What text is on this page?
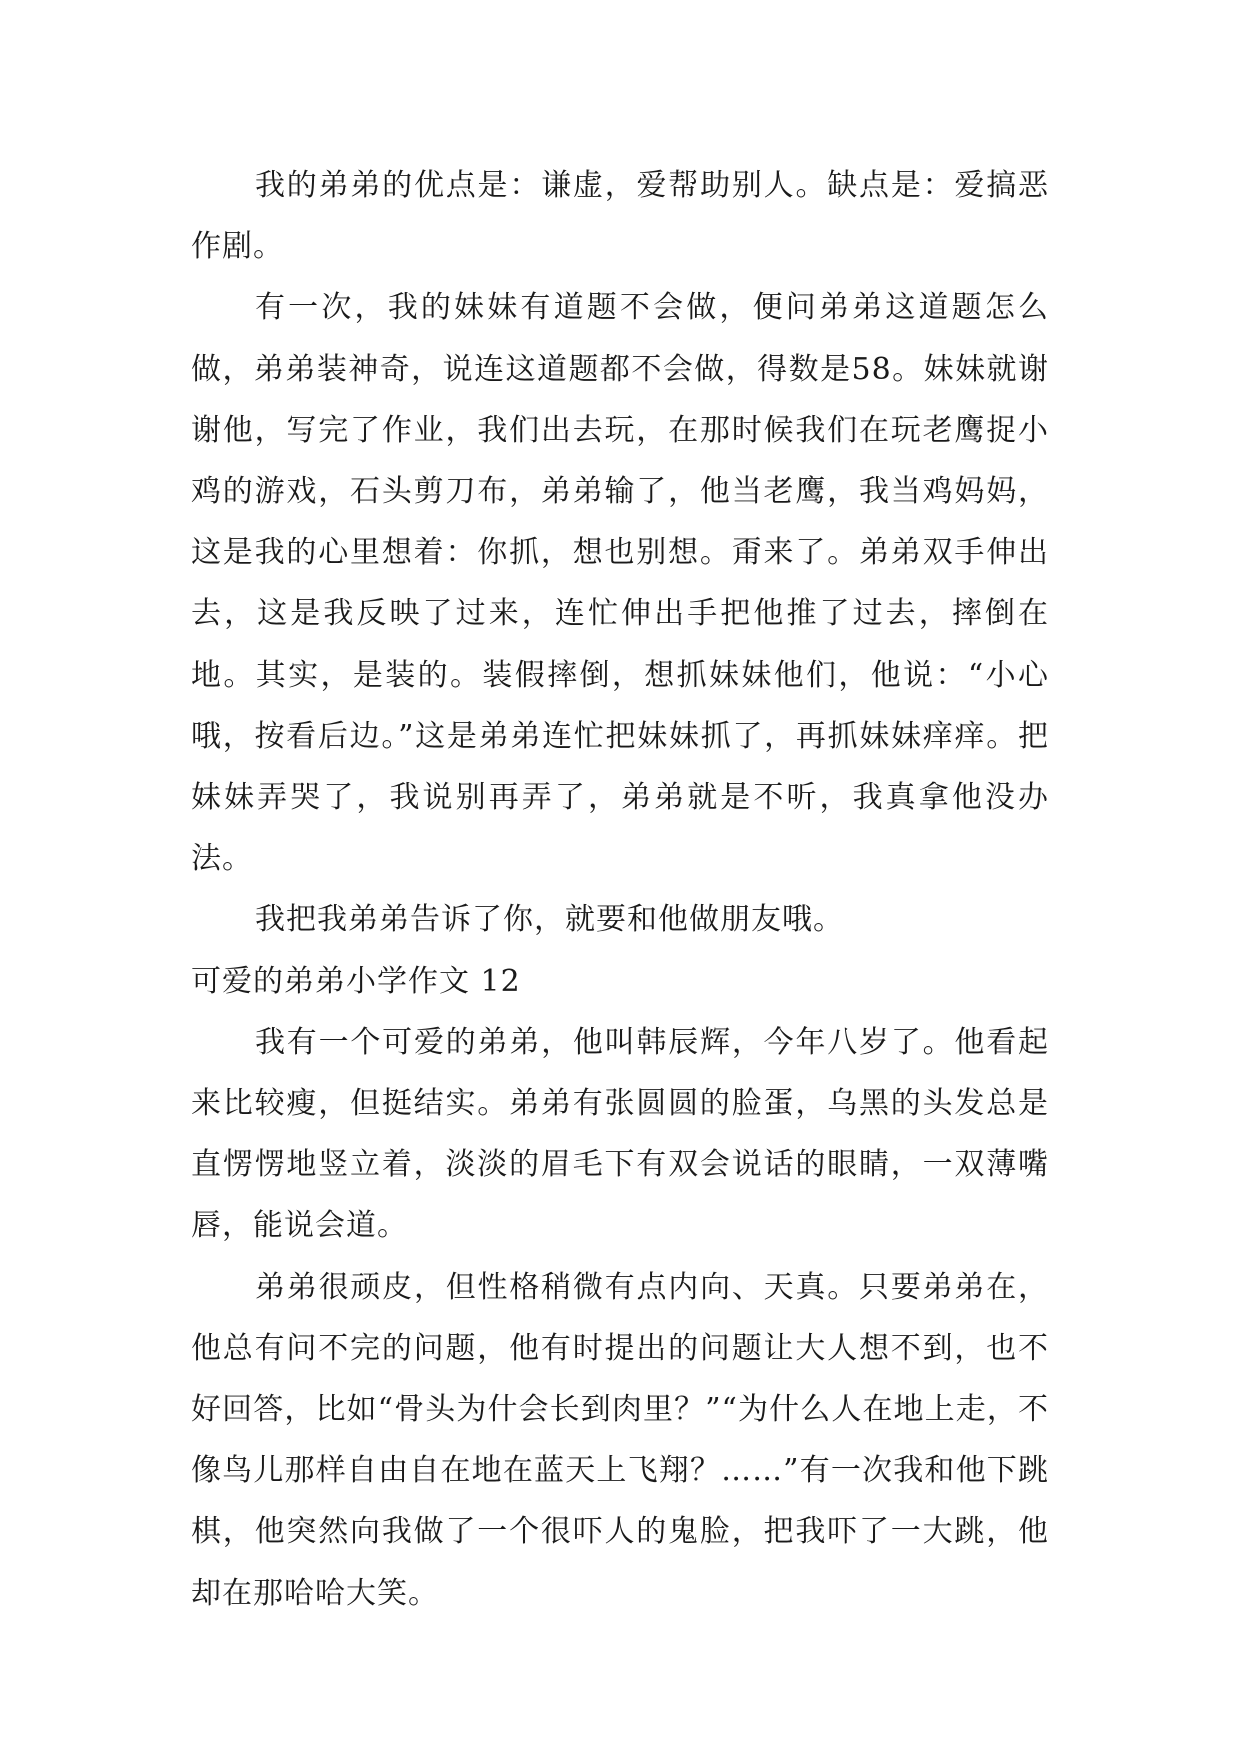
我的弟弟的优点是：谦虚，爱帮助别人。缺点是：爱搞恶作剧。

有一次，我的妹妹有道题不会做，便问弟弟这道题怎么做，弟弟装神奇，说连这道题都不会做，得数是58。妹妹就谢谢他，写完了作业，我们出去玩，在那时候我们在玩老鹰捉小鸡的游戏，石头剪刀布，弟弟输了，他当老鹰，我当鸡妈妈，这是我的心里想着：你抓，想也别想。甭来了。弟弟双手伸出去，这是我反映了过来，连忙伸出手把他推了过去，摔倒在地。其实，是装的。装假摔倒，想抓妹妹他们，他说：“小心哦，按看后边。”这是弟弟连忙把妹妹抓了，再抓妹妹痒痒。把妹妹弄哭了，我说别再弄了，弟弟就是不听，我真拿他没办法。

我把我弟弟告诉了你，就要和他做朋友哦。

可爱的弟弟小学作文 12

我有一个可爱的弟弟，他叫韩辰辉，今年八岁了。他看起来比较瘦，但挺结实。弟弟有张圆圆的脸蛋，乌黑的头发总是直愣愣地竖立着，淡淡的眉毛下有双会说话的眼睛，一双薄嘴唇，能说会道。

弟弟很顽皮，但性格稍微有点内向、天真。只要弟弟在，他总有问不完的问题，他有时提出的问题让大人想不到，也不好回答，比如“骨头为什会长到肉里？”“为什么人在地上走，不像鸟儿那样自由自在地在蓝天上飞翔？……”有一次我和他下跳棋，他突然向我做了一个很吓人的鬼脸，把我吓了一大跳，他却在那哈哈大笑。
